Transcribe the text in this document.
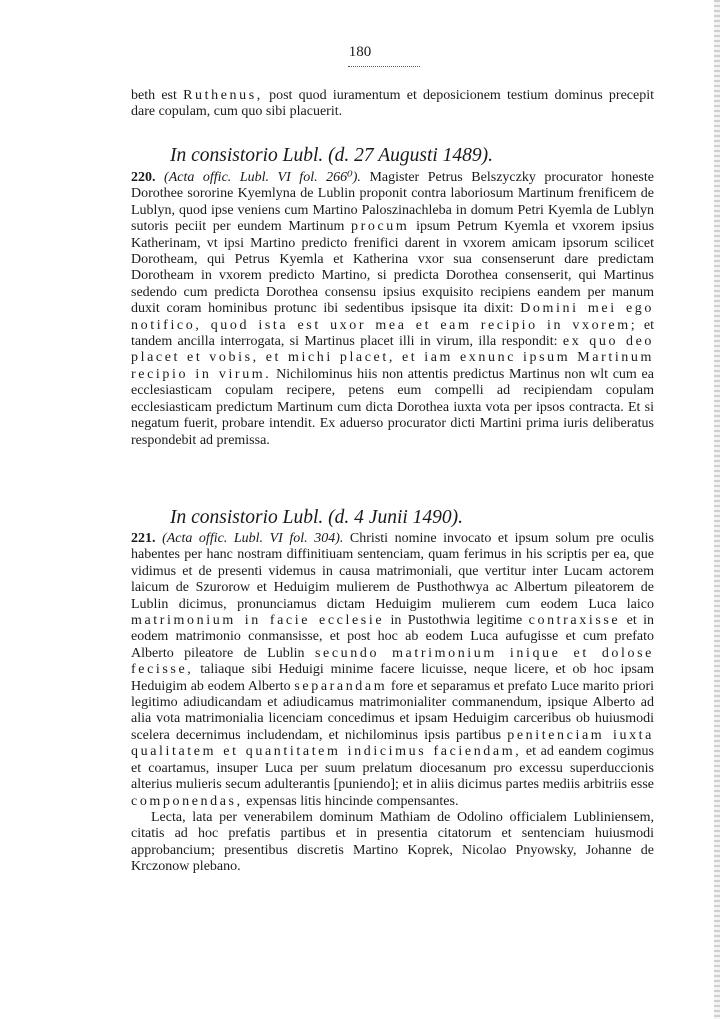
180
beth est Ruthenus, post quod iuramentum et deposicionem testium dominus precepit dare copulam, cum quo sibi placuerit.
In consistorio Lubl. (d. 27 Augusti 1489).
220. (Acta offic. Lubl. VI fol. 266⁰). Magister Petrus Belszyczky procurator honeste Dorothee sororine Kyemlyna de Lublin proponit contra laboriosum Martinum frenificem de Lublyn, quod ipse veniens cum Martino Paloszinachleba in domum Petri Kyemla de Lublyn sutoris peciit per eundem Martinum procum ipsum Petrum Kyemla et vxorem ipsius Katherinam, vt ipsi Martino predicto frenifici darent in vxorem amicam ipsorum scilicet Dorotheam, qui Petrus Kyemla et Katherina vxor sua consenserunt dare predictam Dorotheam in vxorem predicto Martino, si predicta Dorothea consenserit, qui Martinus sedendo cum predicta Dorothea consensu ipsius exquisito recipiens eandem per manum duxit coram hominibus protunc ibi sedentibus ipsisque ita dixit: Domini mei ego notifico, quod ista est uxor mea et eam recipio in vxorem; et tandem ancilla interrogata, si Martinus placet illi in virum, illa respondit: ex quo deo placet et vobis, et michi placet, et iam exnunc ipsum Martinum recipio in virum. Nichilominus hiis non attentis predictus Martinus non wlt cum ea ecclesiasticam copulam recipere, petens eum compelli ad recipiendam copulam ecclesiasticam predictum Martinum cum dicta Dorothea iuxta vota per ipsos contracta. Et si negatum fuerit, probare intendit. Ex aduerso procurator dicti Martini prima iuris deliberatus respondebit ad premissa.
In consistorio Lubl. (d. 4 Junii 1490).
221. (Acta offic. Lubl. VI fol. 304). Christi nomine invocato et ipsum solum pre oculis habentes per hanc nostram diffinitiuam sentenciam, quam ferimus in his scriptis per ea, que vidimus et de presenti videmus in causa matrimoniali, que vertitur inter Lucam actorem laicum de Szurorow et Heduigim mulierem de Pusthothwya ac Albertum pileatorem de Lublin dicimus, pronunciamus dictam Heduigim mulierem cum eodem Luca laico matrimonium in facie ecclesie in Pustothwia legitime contraxisse et in eodem matrimonio conmansisse, et post hoc ab eodem Luca aufugisse et cum prefato Alberto pileatore de Lublin secundo matrimonium inique et dolose fecisse, taliaque sibi Heduigi minime facere licuisse, neque licere, et ob hoc ipsam Heduigim ab eodem Alberto separandam fore et separamus et prefato Luce marito priori legitimo adiudicandam et adiudicamus matrimonialiter commanendum, ipsique Alberto ad alia vota matrimonialia licenciam concedimus et ipsam Heduigim carceribus ob huiusmodi scelera decernimus includendam, et nichilominus ipsis partibus penitenciam iuxta qualitatem et quantitatem indicimus faciendam, et ad eandem cogimus et coartamus, insuper Luca per suum prelatum diocesanum pro excessu superduccionis alterius mulieris secum adulterantis [puniendo]; et in aliis dicimus partes mediis arbitriis esse componendas, expensas litis hincinde compensantes.
Lecta, lata per venerabilem dominum Mathiam de Odolino officialem Lubliniensem, citatis ad hoc prefatis partibus et in presentia citatorum et sentenciam huiusmodi approbancium; presentibus discretis Martino Koprek, Nicolao Pnyowsky, Johanne de Krczonow plebano.
